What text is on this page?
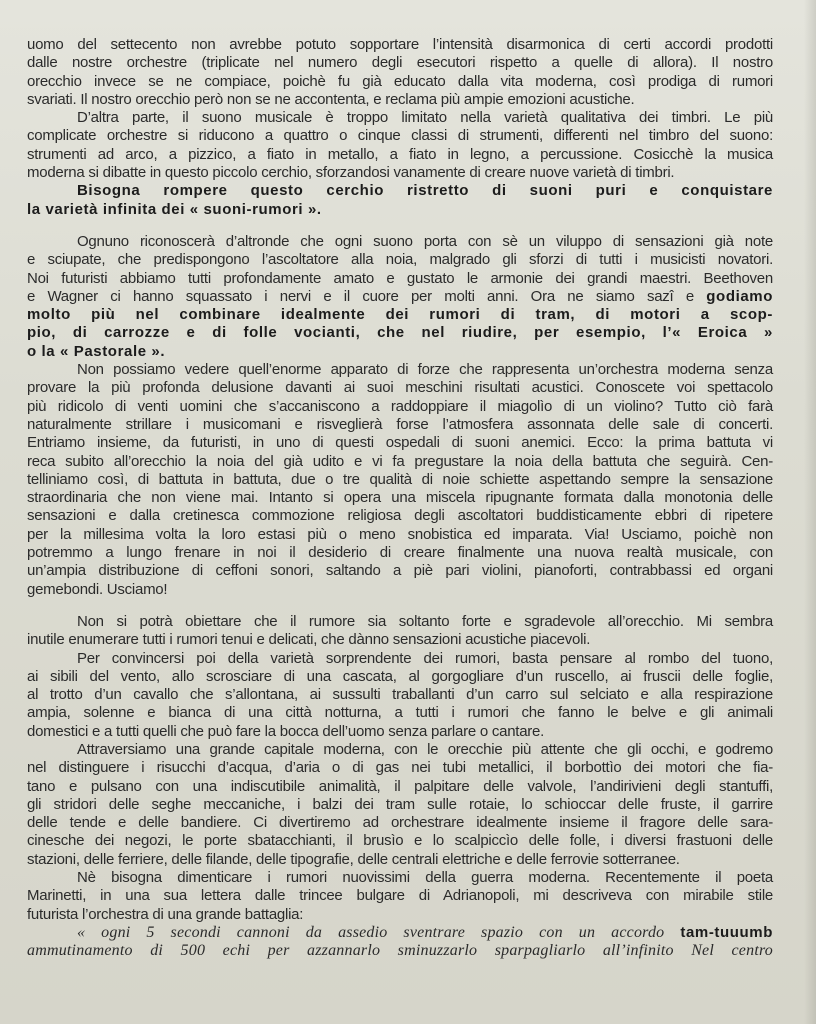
uomo del settecento non avrebbe potuto sopportare l’intensità disarmonica di certi accordi prodotti
dalle nostre orchestre (triplicate nel numero degli esecutori rispetto a quelle di allora). Il nostro
orecchio invece se ne compiace, poichè fu già educato dalla vita moderna, così prodiga di rumori
svariati. Il nostro orecchio però non se ne accontenta, e reclama più ampie emozioni acustiche.
D’altra parte, il suono musicale è troppo limitato nella varietà qualitativa dei timbri. Le più
complicate orchestre si riducono a quattro o cinque classi di strumenti, differenti nel timbro del suono:
strumenti ad arco, a pizzico, a fiato in metallo, a fiato in legno, a percussione. Cosicchè la musica
moderna si dibatte in questo piccolo cerchio, sforzandosi vanamente di creare nuove varietà di timbri.
Bisogna rompere questo cerchio ristretto di suoni puri e conquistare
la varietà infinita dei « suoni-rumori ».
Ognuno riconoscerà d’altronde che ogni suono porta con sè un viluppo di sensazioni già note
e sciupate, che predispongono l’ascoltatore alla noia, malgrado gli sforzi di tutti i musicisti novatori.
Noi futuristi abbiamo tutti profondamente amato e gustato le armonie dei grandi maestri. Beethoven
e Wagner ci hanno squassato i nervi e il cuore per molti anni. Ora ne siamo sazî e godiamo
molto più nel combinare idealmente dei rumori di tram, di motori a scop-
pio, di carrozze e di folle vocianti, che nel riudire, per esempio, l’« Eroica »
o la « Pastorale ».
Non possiamo vedere quell’enorme apparato di forze che rappresenta un’orchestra moderna senza
provare la più profonda delusione davanti ai suoi meschini risultati acustici. Conoscete voi spettacolo
più ridicolo di venti uomini che s’accaniscono a raddoppiare il miagolìo di un violino? Tutto ciò farà
naturalmente strillare i musicomani e risveglierà forse l’atmosfera assonnata delle sale di concerti.
Entriamo insieme, da futuristi, in uno di questi ospedali di suoni anemici. Ecco: la prima battuta vi
reca subito all’orecchio la noia del già udito e vi fa pregustare la noia della battuta che seguirà. Cen-
telliniamo così, di battuta in battuta, due o tre qualità di noie schiette aspettando sempre la sensazione
straordinaria che non viene mai. Intanto si opera una miscela ripugnante formata dalla monotonia delle
sensazioni e dalla cretinesca commozione religiosa degli ascoltatori buddisticamente ebbri di ripetere
per la millesima volta la loro estasi più o meno snobistica ed imparata. Via! Usciamo, poichè non
potremmo a lungo frenare in noi il desiderio di creare finalmente una nuova realtà musicale, con
un’ampia distribuzione di ceffoni sonori, saltando a piè pari violini, pianoforti, contrabbassi ed organi
gemebondi. Usciamo!
Non si potrà obiettare che il rumore sia soltanto forte e sgradevole all’orecchio. Mi sembra
inutile enumerare tutti i rumori tenui e delicati, che dànno sensazioni acustiche piacevoli.
Per convincersi poi della varietà sorprendente dei rumori, basta pensare al rombo del tuono,
ai sibili del vento, allo scrosciare di una cascata, al gorgogliare d’un ruscello, ai fruscii delle foglie,
al trotto d’un cavallo che s’allontana, ai sussulti traballanti d’un carro sul selciato e alla respirazione
ampia, solenne e bianca di una città notturna, a tutti i rumori che fanno le belve e gli animali
domestici e a tutti quelli che può fare la bocca dell’uomo senza parlare o cantare.
Attraversiamo una grande capitale moderna, con le orecchie più attente che gli occhi, e godremo
nel distinguere i risucchi d’acqua, d’aria o di gas nei tubi metallici, il borbottìo dei motori che fia-
tano e pulsano con una indiscutibile animalità, il palpitare delle valvole, l’andirivieni degli stantuffi,
gli stridori delle seghe meccaniche, i balzi dei tram sulle rotaie, lo schioccar delle fruste, il garrire
delle tende e delle bandiere. Ci divertiremo ad orchestrare idealmente insieme il fragore delle sara-
cinesche dei negozi, le porte sbatacchianti, il brusìo e lo scalpiccìo delle folle, i diversi frastuoni delle
stazioni, delle ferriere, delle filande, delle tipografie, delle centrali elettriche e delle ferrovie sotterranee.
Nè bisogna dimenticare i rumori nuovissimi della guerra moderna. Recentemente il poeta
Marinetti, in una sua lettera dalle trincee bulgare di Adrianopoli, mi descriveva con mirabile stile
futurista l’orchestra di una grande battaglia:
« ogni 5 secondi cannoni da assedio sventrare spazio con un accordo tam-tuuumb
ammutinamento di 500 echi per azzannarlo sminuzzarlo sparpagliarlo all’infinito Nel centro
